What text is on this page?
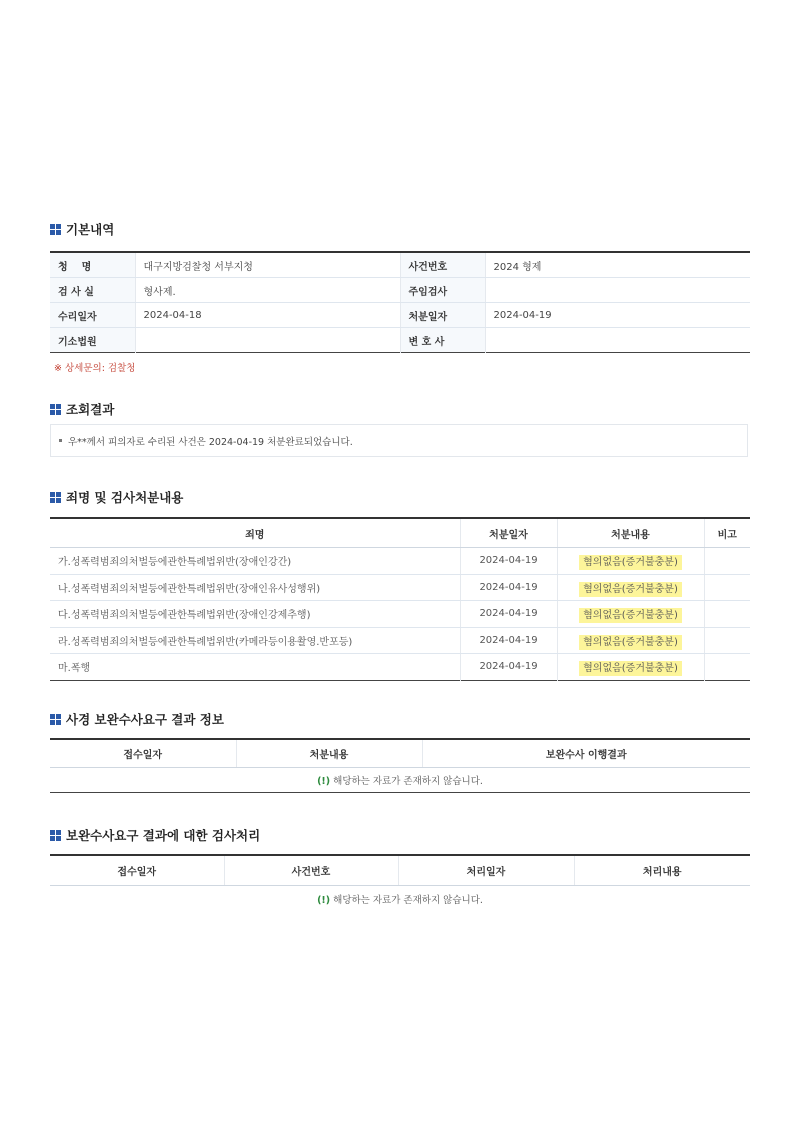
기본내역
청    명	대구지방검찰청 서부지청	사건번호	2024 형제
검 사 실	형사제.	주임검사	
수리일자	2024-04-18	처분일자	2024-04-19
기소법원		변 호 사	
※ 상세문의: 검찰청
조회결과
우**께서 피의자로 수리된 사건은 2024-04-19 처분완료되었습니다.
죄명 및 검사처분내용
죄명	처분일자	처분내용	비고
가.성폭력범죄의처벌등에관한특례법위반(장애인강간)	2024-04-19	혐의없음(증거불충분)	
나.성폭력범죄의처벌등에관한특례법위반(장애인유사성행위)	2024-04-19	혐의없음(증거불충분)	
다.성폭력범죄의처벌등에관한특례법위반(장애인강제추행)	2024-04-19	혐의없음(증거불충분)	
라.성폭력범죄의처벌등에관한특례법위반(카메라등이용촬영.반포등)	2024-04-19	혐의없음(증거불충분)	
마.폭행	2024-04-19	혐의없음(증거불충분)	
사경 보완수사요구 결과 정보
접수일자	처분내용	보완수사 이행결과
(!) 해당하는 자료가 존재하지 않습니다.
보완수사요구 결과에 대한 검사처리
접수일자	사건번호	처리일자	처리내용
(!) 해당하는 자료가 존재하지 않습니다.
